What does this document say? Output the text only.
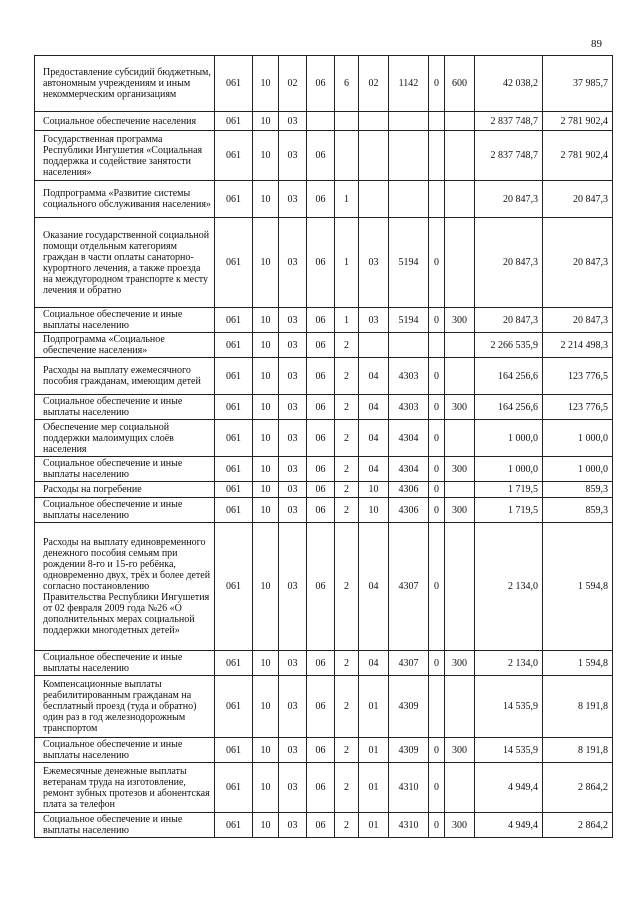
89
Предоставление субсидий бюджетным, автономным учреждениям и иным некоммерческим организациям	061	10	02	06	6	02	1142	0	600	42 038,2	37 985,7
Социальное обеспечение населения	061	10	03							2 837 748,7	2 781 902,4
Государственная программа Республики Ингушетия «Социальная поддержка и содействие занятости населения»	061	10	03	06						2 837 748,7	2 781 902,4
Подпрограмма «Развитие системы социального обслуживания населения»	061	10	03	06	1					20 847,3	20 847,3
Оказание государственной социальной помощи отдельным категориям граждан в части оплаты санаторно-курортного лечения, а также проезда на междугородном транспорте к месту лечения и обратно	061	10	03	06	1	03	5194	0		20 847,3	20 847,3
Социальное обеспечение и иные выплаты населению	061	10	03	06	1	03	5194	0	300	20 847,3	20 847,3
Подпрограмма «Социальное обеспечение населения»	061	10	03	06	2					2 266 535,9	2 214 498,3
Расходы на выплату ежемесячного пособия гражданам, имеющим детей	061	10	03	06	2	04	4303	0		164 256,6	123 776,5
Социальное обеспечение и иные выплаты населению	061	10	03	06	2	04	4303	0	300	164 256,6	123 776,5
Обеспечение мер социальной поддержки малоимущих слоёв населения	061	10	03	06	2	04	4304	0		1 000,0	1 000,0
Социальное обеспечение и иные выплаты населению	061	10	03	06	2	04	4304	0	300	1 000,0	1 000,0
Расходы на погребение	061	10	03	06	2	10	4306	0		1 719,5	859,3
Социальное обеспечение и иные выплаты населению	061	10	03	06	2	10	4306	0	300	1 719,5	859,3
Расходы на выплату единовременного денежного пособия семьям при рождении 8-го и 15-го ребёнка, одновременно двух, трёх и более детей согласно постановлению Правительства Республики Ингушетия от 02 февраля 2009 года №26 «О дополнительных мерах социальной поддержки многодетных детей»	061	10	03	06	2	04	4307	0		2 134,0	1 594,8
Социальное обеспечение и иные выплаты населению	061	10	03	06	2	04	4307	0	300	2 134,0	1 594,8
Компенсационные выплаты реабилитированным гражданам на бесплатный проезд (туда и обратно) один раз в год железнодорожным транспортом	061	10	03	06	2	01	4309			14 535,9	8 191,8
Социальное обеспечение и иные выплаты населению	061	10	03	06	2	01	4309	0	300	14 535,9	8 191,8
Ежемесячные денежные выплаты ветеранам труда на изготовление, ремонт зубных протезов и абонентская плата за телефон	061	10	03	06	2	01	4310	0		4 949,4	2 864,2
Социальное обеспечение и иные выплаты населению	061	10	03	06	2	01	4310	0	300	4 949,4	2 864,2
